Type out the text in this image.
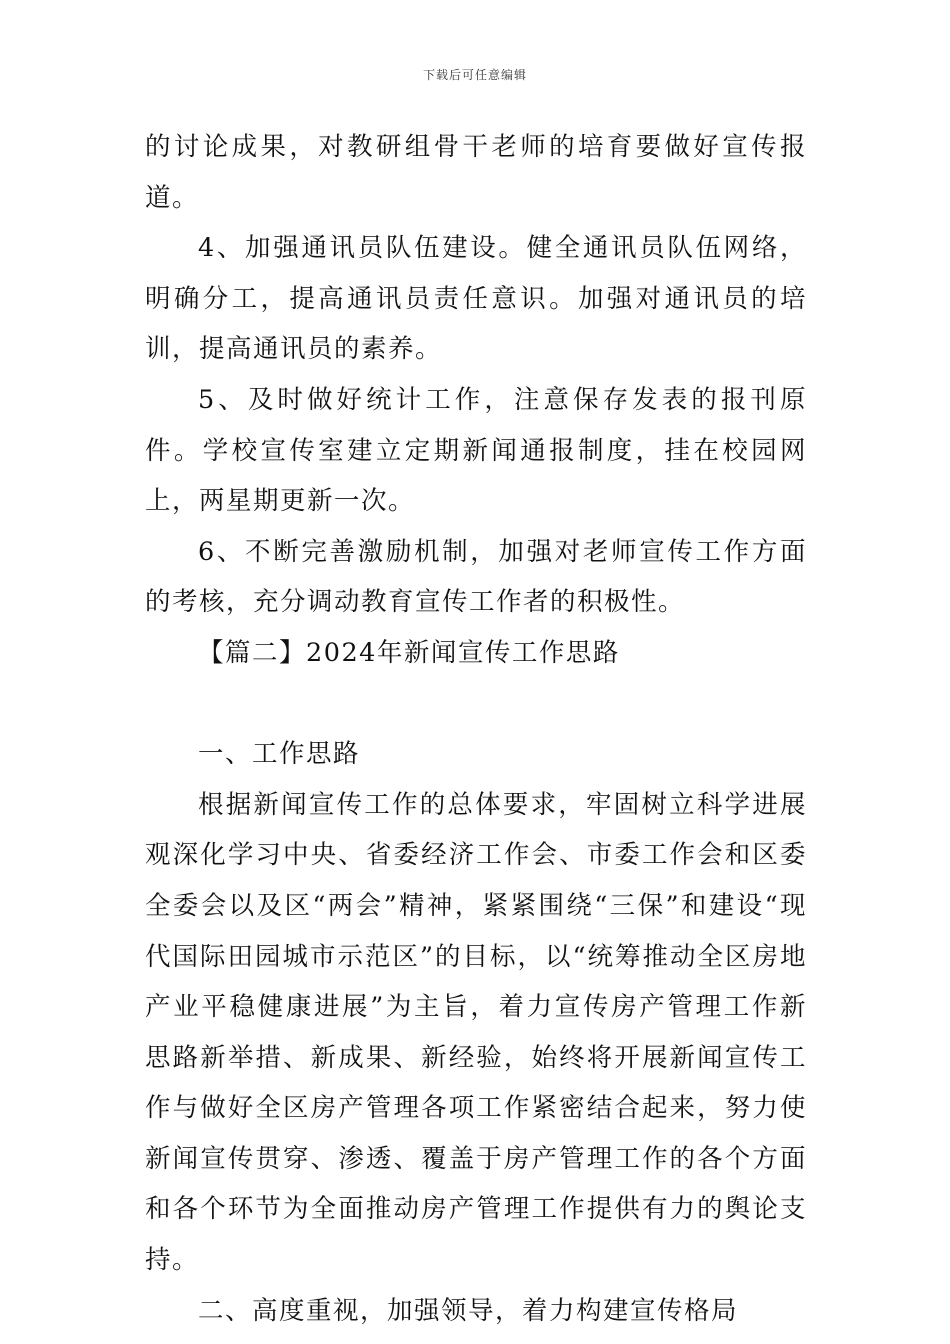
下载后可任意编辑

的讨论成果，对教研组骨干老师的培育要做好宣传报道。

4、加强通讯员队伍建设。健全通讯员队伍网络，明确分工，提高通讯员责任意识。加强对通讯员的培训，提高通讯员的素养。

5、及时做好统计工作，注意保存发表的报刊原件。学校宣传室建立定期新闻通报制度，挂在校园网上，两星期更新一次。

6、不断完善激励机制，加强对老师宣传工作方面的考核，充分调动教育宣传工作者的积极性。

【篇二】2024年新闻宣传工作思路

一、工作思路

根据新闻宣传工作的总体要求，牢固树立科学进展观深化学习中央、省委经济工作会、市委工作会和区委全委会以及区“两会”精神，紧紧围绕“三保”和建设“现代国际田园城市示范区”的目标，以“统筹推动全区房地产业平稳健康进展”为主旨，着力宣传房产管理工作新思路新举措、新成果、新经验，始终将开展新闻宣传工作与做好全区房产管理各项工作紧密结合起来，努力使新闻宣传贯穿、渗透、覆盖于房产管理工作的各个方面和各个环节为全面推动房产管理工作提供有力的舆论支持。

二、高度重视，加强领导，着力构建宣传格局
